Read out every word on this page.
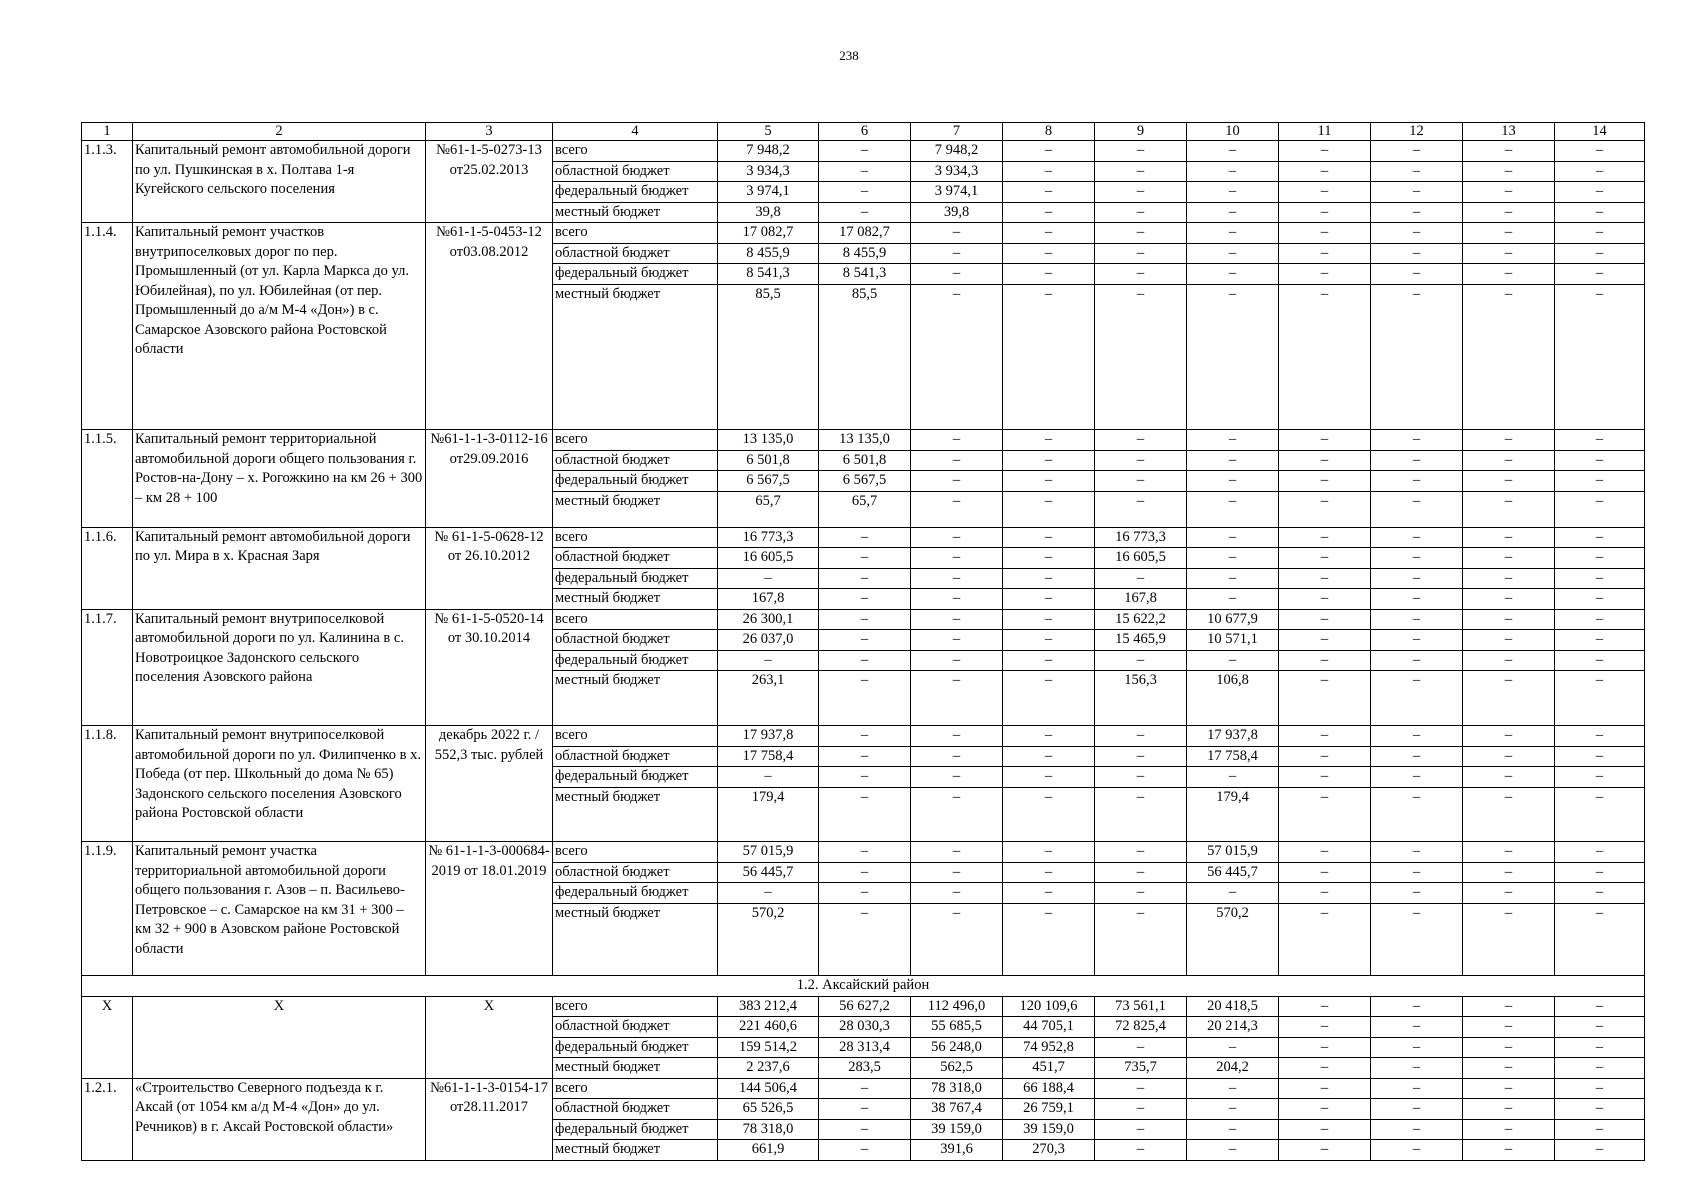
238
1	2	3	4	5	6	7	8	9	10	11	12	13	14
1.1.3.	Капитальный ремонт автомобильной дороги по ул. Пушкинская в х. Полтава 1-я Кугейского сельского поселения	№61-1-5-0273-13 от25.02.2013	всего	7 948,2	–	7 948,2	–	–	–	–	–	–	–
			областной бюджет	3 934,3	–	3 934,3	–	–	–	–	–	–	–
			федеральный бюджет	3 974,1	–	3 974,1	–	–	–	–	–	–	–
			местный бюджет	39,8	–	39,8	–	–	–	–	–	–	–
1.1.4.	Капитальный ремонт участков внутрипоселковых дорог по пер. Промышленный (от ул. Карла Маркса до ул. Юбилейная), по ул. Юбилейная (от пер. Промышленный до а/м М-4 «Дон») в с. Самарское Азовского района Ростовской области	№61-1-5-0453-12 от03.08.2012	всего	17 082,7	17 082,7	–	–	–	–	–	–	–	–
			областной бюджет	8 455,9	8 455,9	–	–	–	–	–	–	–	–
			федеральный бюджет	8 541,3	8 541,3	–	–	–	–	–	–	–	–
			местный бюджет	85,5	85,5	–	–	–	–	–	–	–	–
1.1.5.	Капитальный ремонт территориальной автомобильной дороги общего пользования г. Ростов-на-Дону – х. Рогожкино на км 26 + 300 – км 28 + 100	№61-1-1-3-0112-16 от29.09.2016	всего	13 135,0	13 135,0	–	–	–	–	–	–	–	–
			областной бюджет	6 501,8	6 501,8	–	–	–	–	–	–	–	–
			федеральный бюджет	6 567,5	6 567,5	–	–	–	–	–	–	–	–
			местный бюджет	65,7	65,7	–	–	–	–	–	–	–	–
1.1.6.	Капитальный ремонт автомобильной дороги по ул. Мира в х. Красная Заря	№ 61-1-5-0628-12 от 26.10.2012	всего	16 773,3	–	–	–	16 773,3	–	–	–	–	–
			областной бюджет	16 605,5	–	–	–	16 605,5	–	–	–	–	–
			федеральный бюджет	–	–	–	–	–	–	–	–	–	–
			местный бюджет	167,8	–	–	–	167,8	–	–	–	–	–
1.1.7.	Капитальный ремонт внутрипоселковой автомобильной дороги по ул. Калинина в с. Новотроицкое Задонского сельского поселения Азовского района	№ 61-1-5-0520-14 от 30.10.2014	всего	26 300,1	–	–	–	15 622,2	10 677,9	–	–	–	–
			областной бюджет	26 037,0	–	–	–	15 465,9	10 571,1	–	–	–	–
			федеральный бюджет	–	–	–	–	–	–	–	–	–	–
			местный бюджет	263,1	–	–	–	156,3	106,8	–	–	–	–
1.1.8.	Капитальный ремонт внутрипоселковой автомобильной дороги по ул. Филипченко в х. Победа (от пер. Школьный до дома № 65) Задонского сельского поселения Азовского района Ростовской области	декабрь 2022 г. / 552,3 тыс. рублей	всего	17 937,8	–	–	–	–	17 937,8	–	–	–	–
			областной бюджет	17 758,4	–	–	–	–	17 758,4	–	–	–	–
			федеральный бюджет	–	–	–	–	–	–	–	–	–	–
			местный бюджет	179,4	–	–	–	–	179,4	–	–	–	–
1.1.9.	Капитальный ремонт участка территориальной автомобильной дороги общего пользования г. Азов – п. Васильево-Петровское – с. Самарское на км 31 + 300 – км 32 + 900 в Азовском районе Ростовской области	№ 61-1-1-3-000684-2019 от 18.01.2019	всего	57 015,9	–	–	–	–	57 015,9	–	–	–	–
			областной бюджет	56 445,7	–	–	–	–	56 445,7	–	–	–	–
			федеральный бюджет	–	–	–	–	–	–	–	–	–	–
			местный бюджет	570,2	–	–	–	–	570,2	–	–	–	–
1.2. Аксайский район													
X	X	X	всего	383 212,4	56 627,2	112 496,0	120 109,6	73 561,1	20 418,5	–	–	–	–
			областной бюджет	221 460,6	28 030,3	55 685,5	44 705,1	72 825,4	20 214,3	–	–	–	–
			федеральный бюджет	159 514,2	28 313,4	56 248,0	74 952,8	–	–	–	–	–	–
			местный бюджет	2 237,6	283,5	562,5	451,7	735,7	204,2	–	–	–	–
1.2.1.	«Строительство Северного подъезда к г. Аксай (от 1054 км а/д М-4 «Дон» до ул. Речников) в г. Аксай Ростовской области»	№61-1-1-3-0154-17 от28.11.2017	всего	144 506,4	–	78 318,0	66 188,4	–	–	–	–	–	–
			областной бюджет	65 526,5	–	38 767,4	26 759,1	–	–	–	–	–	–
			федеральный бюджет	78 318,0	–	39 159,0	39 159,0	–	–	–	–	–	–
			местный бюджет	661,9	–	391,6	270,3	–	–	–	–	–	–
